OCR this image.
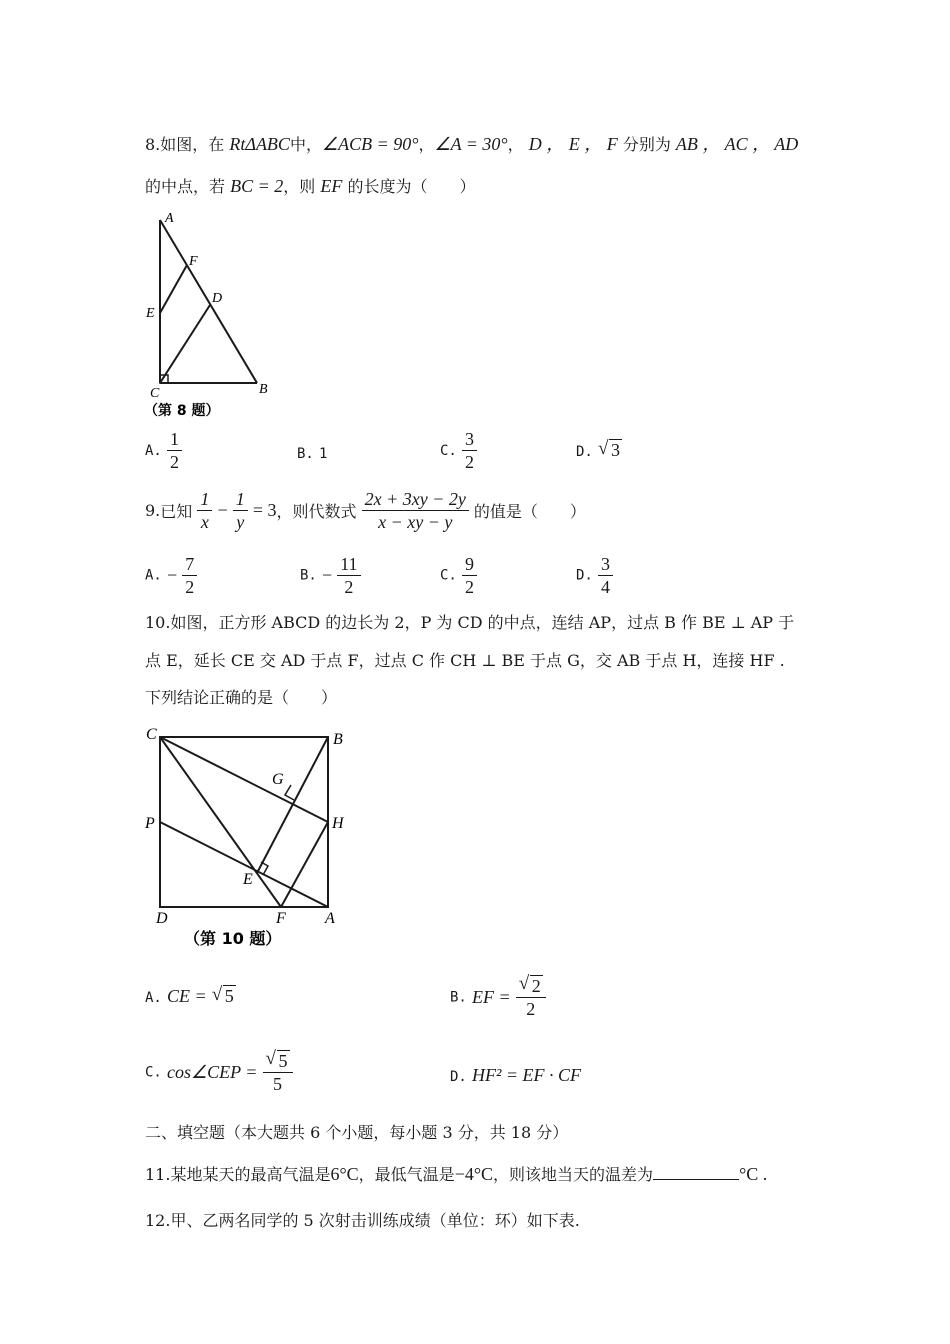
8.如图，在 RtΔABC中，∠ACB = 90°，∠A = 30°， D ， E ， F 分别为 AB ， AC ， AD
的中点，若 BC = 2，则 EF 的长度为（　　）
A
F
D
E
C	B
（第 8 题）
A. $\frac{1}{2}$	B. 1	C. $\frac{3}{2}$	D. √ 3
9.已知 $\frac{1}{x} - \frac{1}{y} = 3$，则代数式 $\frac{2x + 3xy - 2y}{x - xy - y}$ 的值是（　　）
A. − $\frac{7}{2}$	B. − $\frac{11}{2}$	C. $\frac{9}{2}$	D. $\frac{3}{4}$
10.如图，正方形 ABCD 的边长为 2，P 为 CD 的中点，连结 AP，过点 B 作 BE ⊥ AP 于
点 E，延长 CE 交 AD 于点 F，过点 C 作 CH ⊥ BE 于点 G，交 AB 于点 H，连接 HF .
下列结论正确的是（　　）
C	B
G
P	H
E
D	F A
（第 10 题）
A. CE = √ 5	B. EF = √ $\frac{2}{2}$
C. cos∠CEP = √ $\frac{5}{5}$	D. HF² = EF · CF
二、填空题（本大题共 6 个小题，每小题 3 分，共 18 分）
11.某地某天的最高气温是6°C，最低气温是−4°C，则该地当天的温差为	°C .
12.甲、乙两名同学的 5 次射击训练成绩（单位：环）如下表.
